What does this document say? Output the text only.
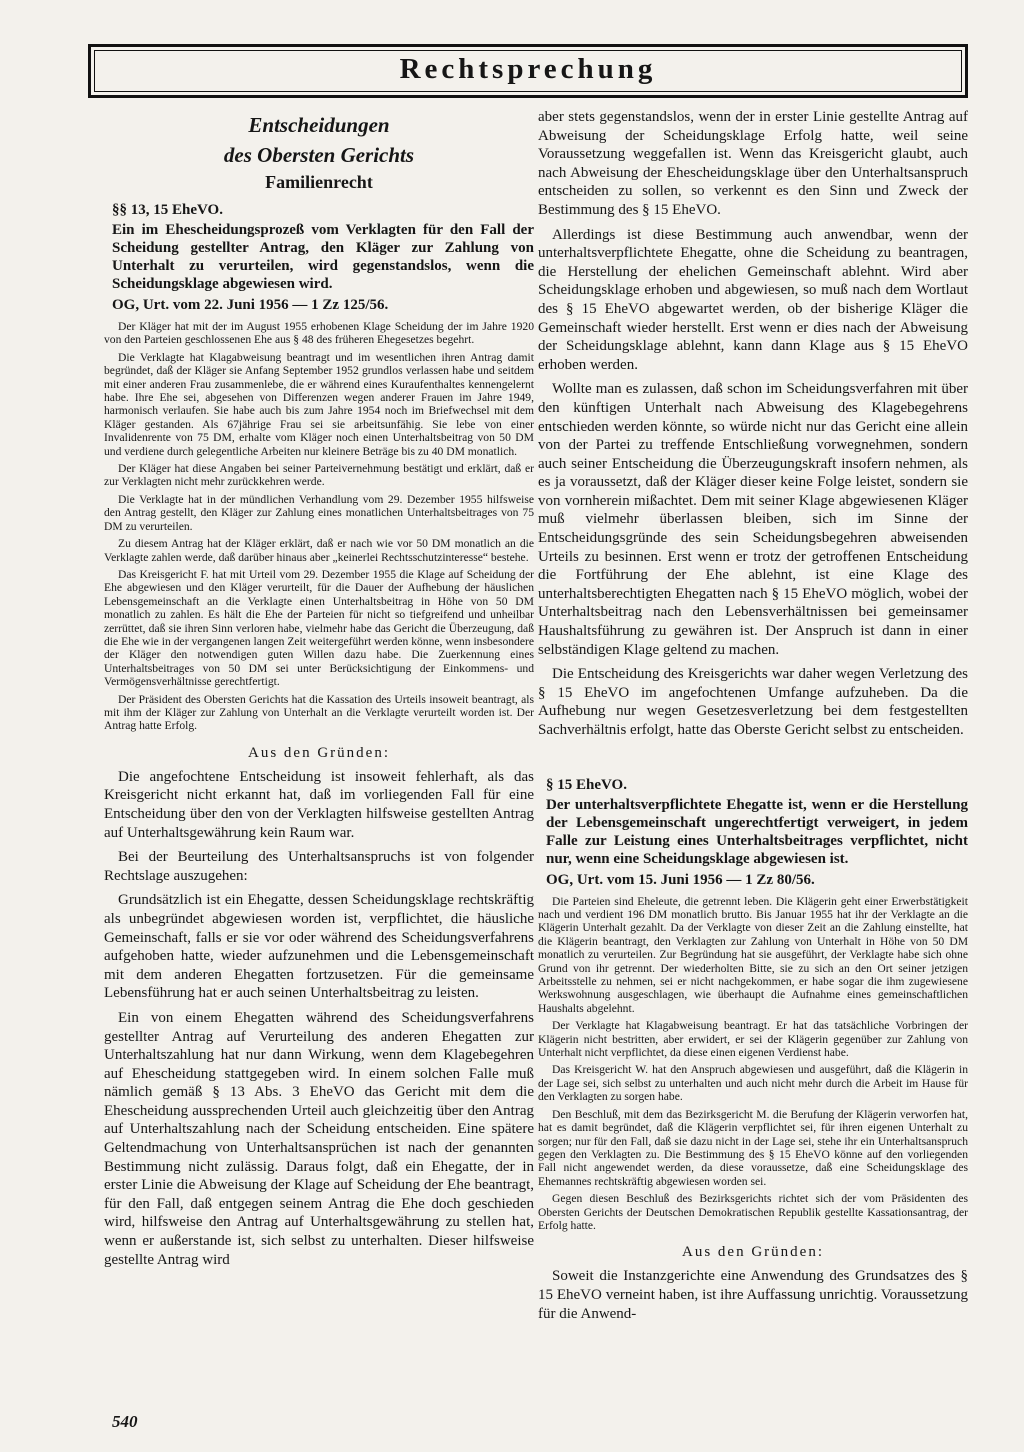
Rechtsprechung
Entscheidungen
des Obersten Gerichts
Familienrecht
§§ 13, 15 EheVO.
Ein im Ehescheidungsprozeß vom Verklagten für den Fall der Scheidung gestellter Antrag, den Kläger zur Zahlung von Unterhalt zu verurteilen, wird gegenstandslos, wenn die Scheidungsklage abgewiesen wird.
OG, Urt. vom 22. Juni 1956 — 1 Zz 125/56.

Der Kläger hat mit der im August 1955 erhobenen Klage Scheidung der im Jahre 1920 von den Parteien geschlossenen Ehe aus § 48 des früheren Ehegesetzes begehrt.

Die Verklagte hat Klagabweisung beantragt und im wesentlichen ihren Antrag damit begründet, daß der Kläger sie Anfang September 1952 grundlos verlassen habe und seitdem mit einer anderen Frau zusammenlebe, die er während eines Kuraufenthaltes kennengelernt habe. Ihre Ehe sei, abgesehen von Differenzen wegen anderer Frauen im Jahre 1949, harmonisch verlaufen. Sie habe auch bis zum Jahre 1954 noch im Briefwechsel mit dem Kläger gestanden. Als 67jährige Frau sei sie arbeitsunfähig. Sie lebe von einer Invalidenrente von 75 DM, erhalte vom Kläger noch einen Unterhaltsbeitrag von 50 DM und verdiene durch gelegentliche Arbeiten nur kleinere Beträge bis zu 40 DM monatlich.

Der Kläger hat diese Angaben bei seiner Parteivernehmung bestätigt und erklärt, daß er zur Verklagten nicht mehr zurückkehren werde.

Die Verklagte hat in der mündlichen Verhandlung vom 29. Dezember 1955 hilfsweise den Antrag gestellt, den Kläger zur Zahlung eines monatlichen Unterhaltsbeitrages von 75 DM zu verurteilen.

Zu diesem Antrag hat der Kläger erklärt, daß er nach wie vor 50 DM monatlich an die Verklagte zahlen werde, daß darüber hinaus aber „keinerlei Rechtsschutzinteresse“ bestehe.

Das Kreisgericht F. hat mit Urteil vom 29. Dezember 1955 die Klage auf Scheidung der Ehe abgewiesen und den Kläger verurteilt, für die Dauer der Aufhebung der häuslichen Lebensgemeinschaft an die Verklagte einen Unterhaltsbeitrag in Höhe von 50 DM monatlich zu zahlen. Es hält die Ehe der Parteien für nicht so tiefgreifend und unheilbar zerrüttet, daß sie ihren Sinn verloren habe, vielmehr habe das Gericht die Überzeugung, daß die Ehe wie in der vergangenen langen Zeit weitergeführt werden könne, wenn insbesondere der Kläger den notwendigen guten Willen dazu habe. Die Zuerkennung eines Unterhaltsbeitrages von 50 DM sei unter Berücksichtigung der Einkommens- und Vermögensverhältnisse gerechtfertigt.

Der Präsident des Obersten Gerichts hat die Kassation des Urteils insoweit beantragt, als mit ihm der Kläger zur Zahlung von Unterhalt an die Verklagte verurteilt worden ist. Der Antrag hatte Erfolg.

Aus den Gründen:

Die angefochtene Entscheidung ist insoweit fehlerhaft, als das Kreisgericht nicht erkannt hat, daß im vorliegenden Fall für eine Entscheidung über den von der Verklagten hilfsweise gestellten Antrag auf Unterhaltsgewährung kein Raum war.

Bei der Beurteilung des Unterhaltsanspruchs ist von folgender Rechtslage auszugehen:

Grundsätzlich ist ein Ehegatte, dessen Scheidungsklage rechtskräftig als unbegründet abgewiesen worden ist, verpflichtet, die häusliche Gemeinschaft, falls er sie vor oder während des Scheidungsverfahrens aufgehoben hatte, wieder aufzunehmen und die Lebensgemeinschaft mit dem anderen Ehegatten fortzusetzen. Für die gemeinsame Lebensführung hat er auch seinen Unterhaltsbeitrag zu leisten.

Ein von einem Ehegatten während des Scheidungsverfahrens gestellter Antrag auf Verurteilung des anderen Ehegatten zur Unterhaltszahlung hat nur dann Wirkung, wenn dem Klagebegehren auf Ehescheidung stattgegeben wird. In einem solchen Falle muß nämlich gemäß § 13 Abs. 3 EheVO das Gericht mit dem die Ehescheidung aussprechenden Urteil auch gleichzeitig über den Antrag auf Unterhaltszahlung nach der Scheidung entscheiden. Eine spätere Geltendmachung von Unterhaltsansprüchen ist nach der genannten Bestimmung nicht zulässig. Daraus folgt, daß ein Ehegatte, der in erster Linie die Abweisung der Klage auf Scheidung der Ehe beantragt, für den Fall, daß entgegen seinem Antrag die Ehe doch geschieden wird, hilfsweise den Antrag auf Unterhaltsgewährung zu stellen hat, wenn er außerstande ist, sich selbst zu unterhalten. Dieser hilfsweise gestellte Antrag wird

aber stets gegenstandslos, wenn der in erster Linie gestellte Antrag auf Abweisung der Scheidungsklage Erfolg hatte, weil seine Voraussetzung weggefallen ist. Wenn das Kreisgericht glaubt, auch nach Abweisung der Ehescheidungsklage über den Unterhaltsanspruch entscheiden zu sollen, so verkennt es den Sinn und Zweck der Bestimmung des § 15 EheVO.

Allerdings ist diese Bestimmung auch anwendbar, wenn der unterhaltsverpflichtete Ehegatte, ohne die Scheidung zu beantragen, die Herstellung der ehelichen Gemeinschaft ablehnt. Wird aber Scheidungsklage erhoben und abgewiesen, so muß nach dem Wortlaut des § 15 EheVO abgewartet werden, ob der bisherige Kläger die Gemeinschaft wieder herstellt. Erst wenn er dies nach der Abweisung der Scheidungsklage ablehnt, kann dann Klage aus § 15 EheVO erhoben werden.

Wollte man es zulassen, daß schon im Scheidungsverfahren mit über den künftigen Unterhalt nach Abweisung des Klagebegehrens entschieden werden könnte, so würde nicht nur das Gericht eine allein von der Partei zu treffende Entschließung vorwegnehmen, sondern auch seiner Entscheidung die Überzeugungskraft insofern nehmen, als es ja voraussetzt, daß der Kläger dieser keine Folge leistet, sondern sie von vornherein mißachtet. Dem mit seiner Klage abgewiesenen Kläger muß vielmehr überlassen bleiben, sich im Sinne der Entscheidungsgründe des sein Scheidungsbegehren abweisenden Urteils zu besinnen. Erst wenn er trotz der getroffenen Entscheidung die Fortführung der Ehe ablehnt, ist eine Klage des unterhaltsberechtigten Ehegatten nach § 15 EheVO möglich, wobei der Unterhaltsbeitrag nach den Lebensverhältnissen bei gemeinsamer Haushaltsführung zu gewähren ist. Der Anspruch ist dann in einer selbständigen Klage geltend zu machen.

Die Entscheidung des Kreisgerichts war daher wegen Verletzung des § 15 EheVO im angefochtenen Umfange aufzuheben. Da die Aufhebung nur wegen Gesetzesverletzung bei dem festgestellten Sachverhältnis erfolgt, hatte das Oberste Gericht selbst zu entscheiden.

§ 15 EheVO.
Der unterhaltsverpflichtete Ehegatte ist, wenn er die Herstellung der Lebensgemeinschaft ungerechtfertigt verweigert, in jedem Falle zur Leistung eines Unterhaltsbeitrages verpflichtet, nicht nur, wenn eine Scheidungsklage abgewiesen ist.
OG, Urt. vom 15. Juni 1956 — 1 Zz 80/56.

Die Parteien sind Eheleute, die getrennt leben. Die Klägerin geht einer Erwerbstätigkeit nach und verdient 196 DM monatlich brutto. Bis Januar 1955 hat ihr der Verklagte an die Klägerin Unterhalt gezahlt. Da der Verklagte von dieser Zeit an die Zahlung einstellte, hat die Klägerin beantragt, den Verklagten zur Zahlung von Unterhalt in Höhe von 50 DM monatlich zu verurteilen. Zur Begründung hat sie ausgeführt, der Verklagte habe sich ohne Grund von ihr getrennt. Der wiederholten Bitte, sie zu sich an den Ort seiner jetzigen Arbeitsstelle zu nehmen, sei er nicht nachgekommen, er habe sogar die ihm zugewiesene Werkswohnung ausgeschlagen, wie überhaupt die Aufnahme eines gemeinschaftlichen Haushalts abgelehnt.

Der Verklagte hat Klagabweisung beantragt. Er hat das tatsächliche Vorbringen der Klägerin nicht bestritten, aber erwidert, er sei der Klägerin gegenüber zur Zahlung von Unterhalt nicht verpflichtet, da diese einen eigenen Verdienst habe.

Das Kreisgericht W. hat den Anspruch abgewiesen und ausgeführt, daß die Klägerin in der Lage sei, sich selbst zu unterhalten und auch nicht mehr durch die Arbeit im Hause für den Verklagten zu sorgen habe.

Den Beschluß, mit dem das Bezirksgericht M. die Berufung der Klägerin verworfen hat, hat es damit begründet, daß die Klägerin verpflichtet sei, für ihren eigenen Unterhalt zu sorgen; nur für den Fall, daß sie dazu nicht in der Lage sei, stehe ihr ein Unterhaltsanspruch gegen den Verklagten zu. Die Bestimmung des § 15 EheVO könne auf den vorliegenden Fall nicht angewendet werden, da diese voraussetze, daß eine Scheidungsklage des Ehemannes rechtskräftig abgewiesen worden sei.

Gegen diesen Beschluß des Bezirksgerichts richtet sich der vom Präsidenten des Obersten Gerichts der Deutschen Demokratischen Republik gestellte Kassationsantrag, der Erfolg hatte.

Aus den Gründen:

Soweit die Instanzgerichte eine Anwendung des Grundsatzes des § 15 EheVO verneint haben, ist ihre Auffassung unrichtig. Voraussetzung für die Anwend-

540
